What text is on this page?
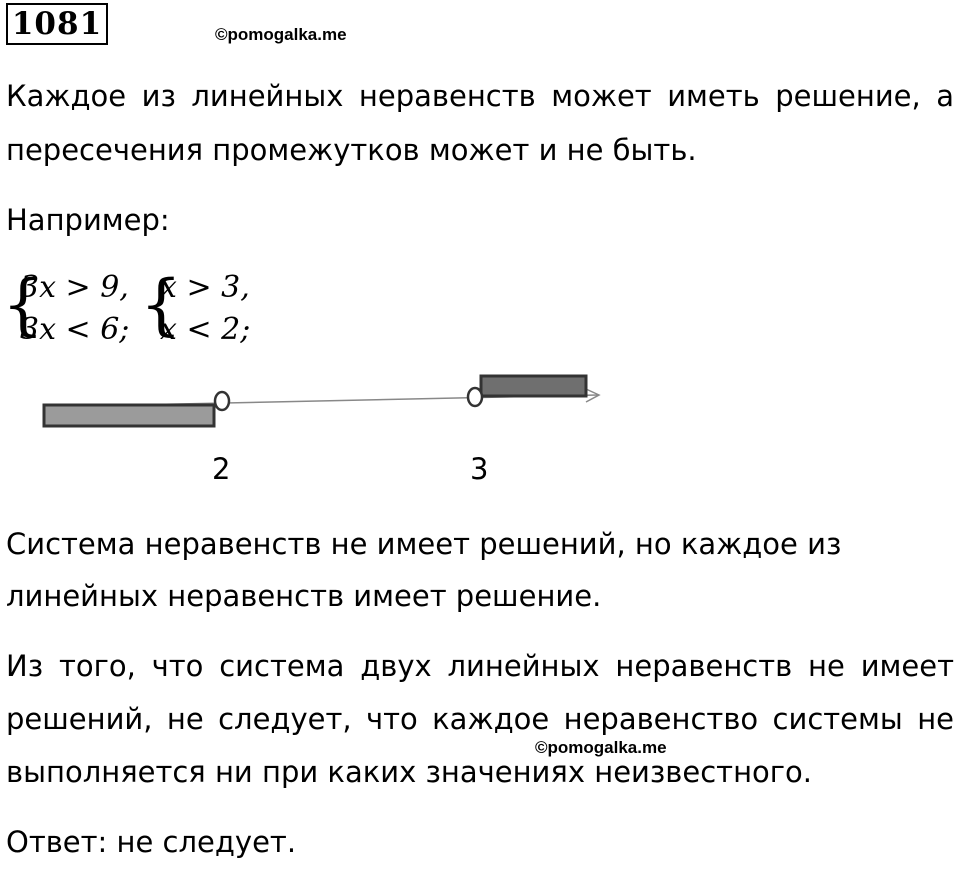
1081	©pomogalka.me
Каждое из линейных неравенств может иметь решение, а
пересечения промежутков может и не быть.
Например:
{
3x > 9,
3x < 6; {
x > 3,
x < 2;
2	3
Система неравенств не имеет решений, но каждое из
линейных неравенств имеет решение.
Из того, что система двух линейных неравенств не имеет
решений, не следует, что каждое неравенство системы не
выполняется ни при каких значениях неизвестного.
©pomogalka.me
Ответ: не следует.
